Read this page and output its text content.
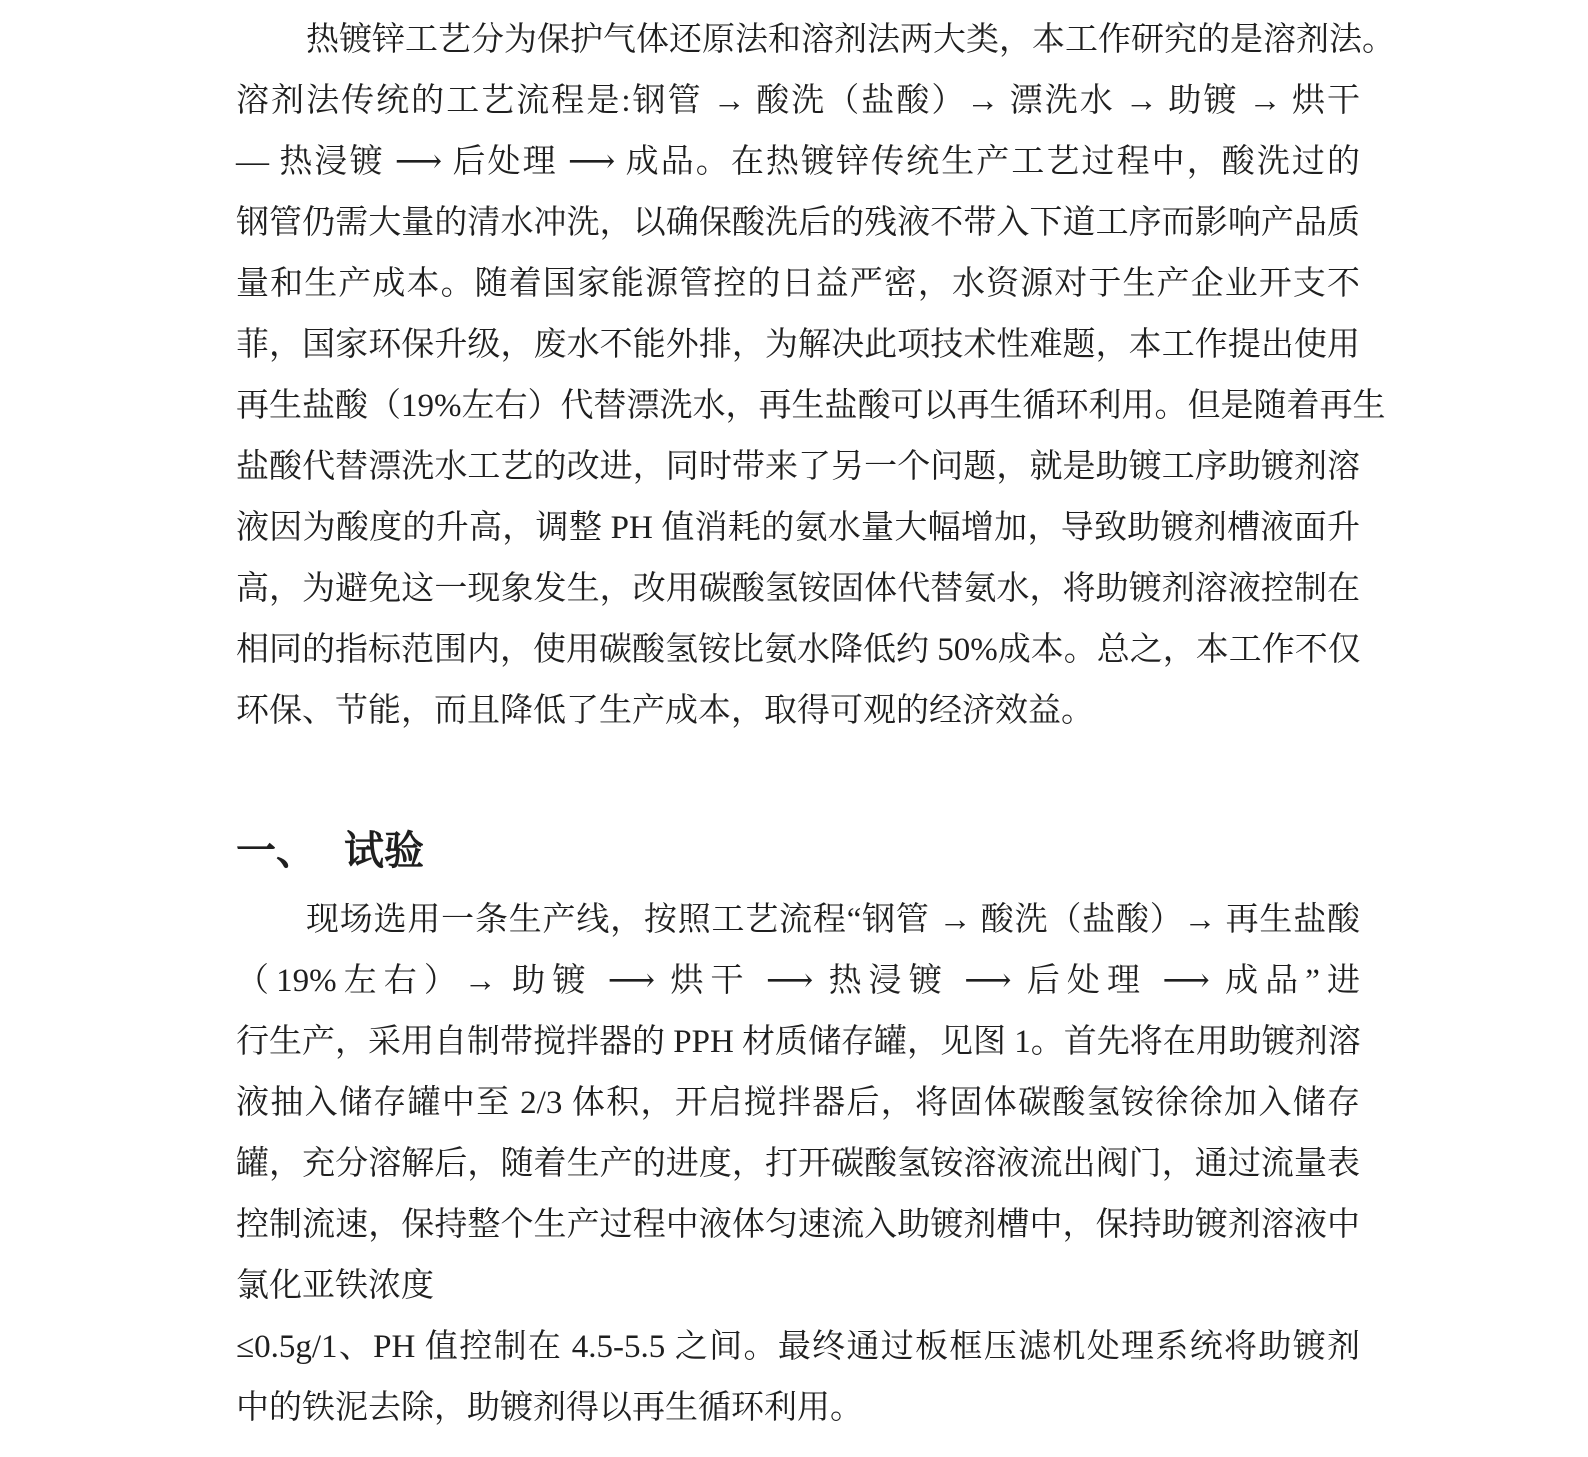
热镀锌工艺分为保护气体还原法和溶剂法两大类，本工作研究的是溶剂法。
溶剂法传统的工艺流程是:钢管 → 酸洗（盐酸）→ 漂洗水 → 助镀 → 烘干
— 热浸镀 ⟶ 后处理 ⟶ 成品。在热镀锌传统生产工艺过程中，酸洗过的
钢管仍需大量的清水冲洗，以确保酸洗后的残液不带入下道工序而影响产品质
量和生产成本。随着国家能源管控的日益严密，水资源对于生产企业开支不
菲，国家环保升级，废水不能外排，为解决此项技术性难题，本工作提出使用
再生盐酸（19%左右）代替漂洗水，再生盐酸可以再生循环利用。但是随着再生
盐酸代替漂洗水工艺的改进，同时带来了另一个问题，就是助镀工序助镀剂溶
液因为酸度的升高，调整 PH 值消耗的氨水量大幅增加，导致助镀剂槽液面升
高，为避免这一现象发生，改用碳酸氢铵固体代替氨水，将助镀剂溶液控制在
相同的指标范围内，使用碳酸氢铵比氨水降低约 50%成本。总之，本工作不仅
环保、节能，而且降低了生产成本，取得可观的经济效益。
一、 试验
现场选用一条生产线，按照工艺流程“钢管 → 酸洗（盐酸）→ 再生盐酸
（19%左右）→ 助镀 ⟶ 烘干 ⟶ 热浸镀 ⟶ 后处理 ⟶ 成品”进
行生产，采用自制带搅拌器的 PPH 材质储存罐，见图 1。首先将在用助镀剂溶
液抽入储存罐中至 2/3 体积，开启搅拌器后，将固体碳酸氢铵徐徐加入储存
罐，充分溶解后，随着生产的进度，打开碳酸氢铵溶液流出阀门，通过流量表
控制流速，保持整个生产过程中液体匀速流入助镀剂槽中，保持助镀剂溶液中
氯化亚铁浓度
≤0.5g/1、PH 值控制在 4.5-5.5 之间。最终通过板框压滤机处理系统将助镀剂
中的铁泥去除，助镀剂得以再生循环利用。
